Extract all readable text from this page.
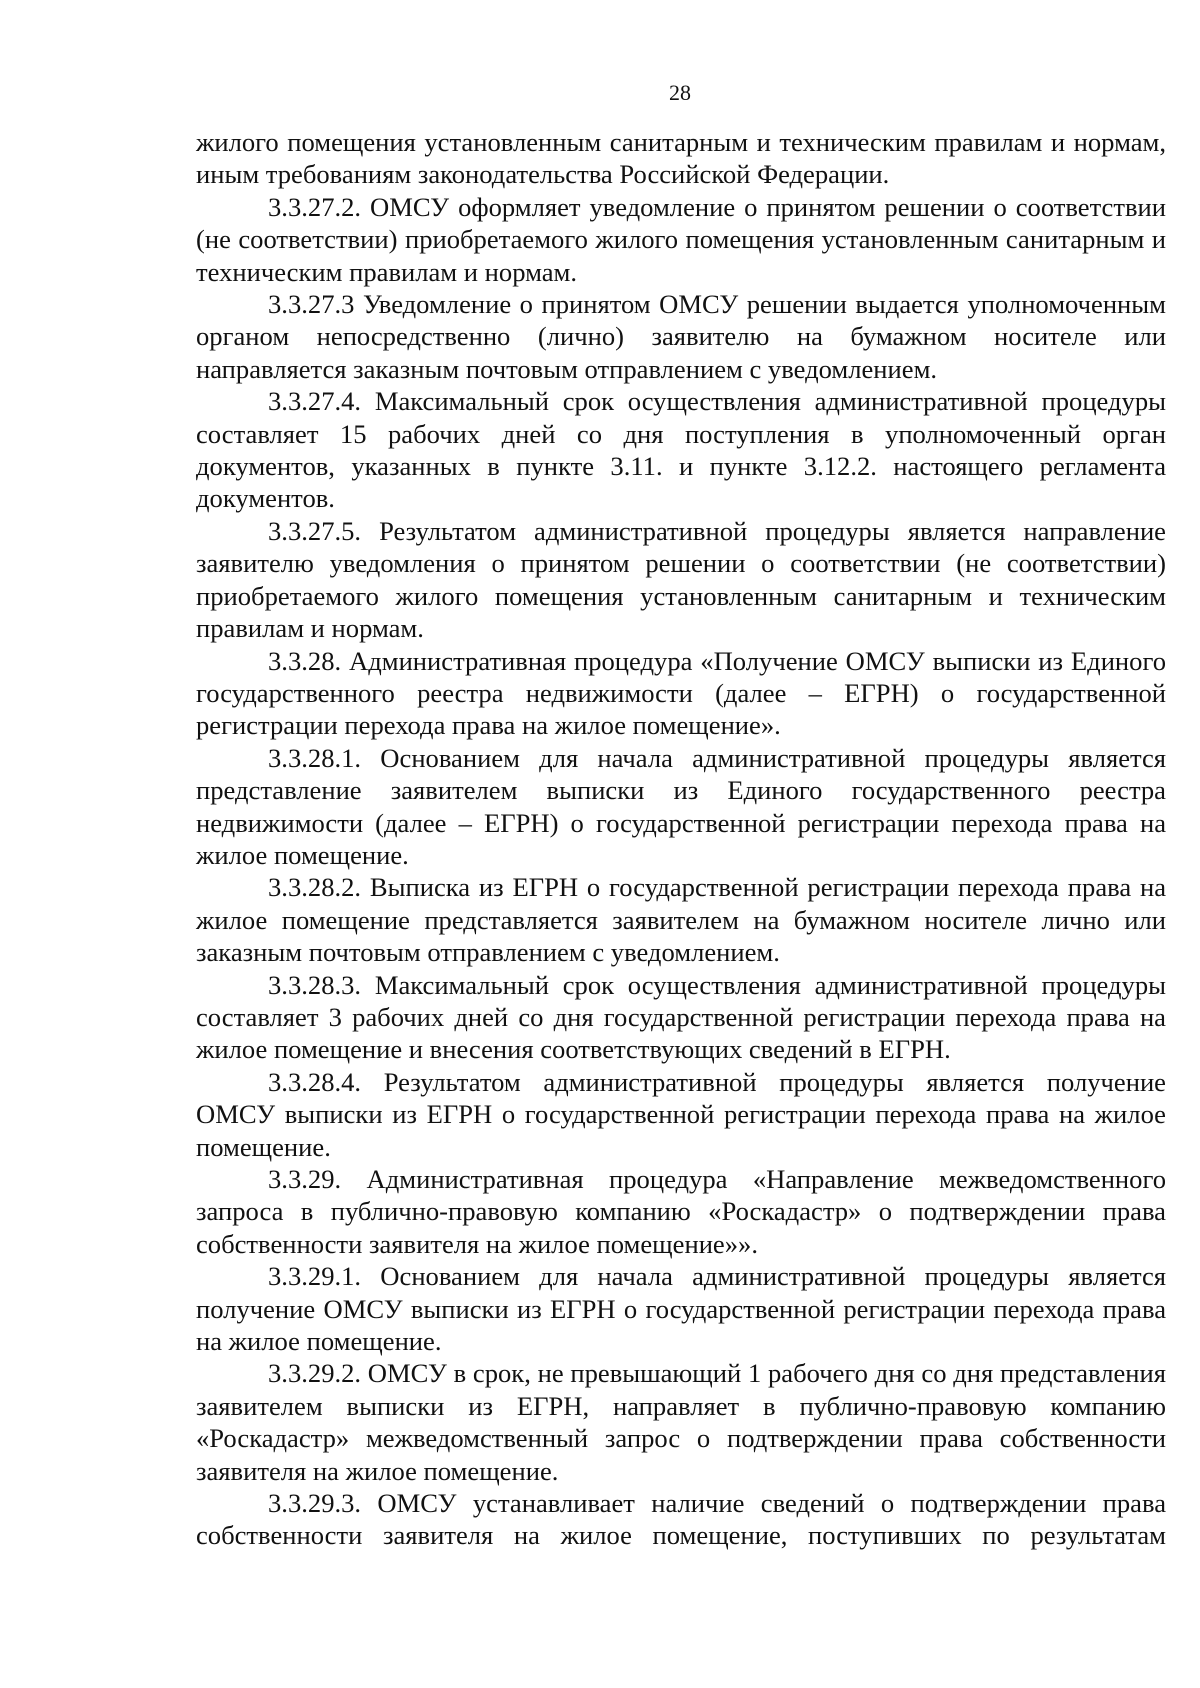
28

жилого помещения установленным санитарным и техническим правилам и нормам, иным требованиям законодательства Российской Федерации.

3.3.27.2. ОМСУ оформляет уведомление о принятом решении о соответствии (не соответствии) приобретаемого жилого помещения установленным санитарным и техническим правилам и нормам.

3.3.27.3 Уведомление о принятом ОМСУ решении выдается уполномоченным органом непосредственно (лично) заявителю на бумажном носителе или направляется заказным почтовым отправлением с уведомлением.

3.3.27.4. Максимальный срок осуществления административной процедуры составляет 15 рабочих дней со дня поступления в уполномоченный орган документов, указанных в пункте 3.11. и пункте 3.12.2. настоящего регламента документов.

3.3.27.5. Результатом административной процедуры является направление заявителю уведомления о принятом решении о соответствии (не соответствии) приобретаемого жилого помещения установленным санитарным и техническим правилам и нормам.

3.3.28. Административная процедура «Получение ОМСУ выписки из Единого государственного реестра недвижимости (далее – ЕГРН) о государственной регистрации перехода права на жилое помещение».

3.3.28.1. Основанием для начала административной процедуры является представление заявителем выписки из Единого государственного реестра недвижимости (далее – ЕГРН) о государственной регистрации перехода права на жилое помещение.

3.3.28.2. Выписка из ЕГРН о государственной регистрации перехода права на жилое помещение представляется заявителем на бумажном носителе лично или заказным почтовым отправлением с уведомлением.

3.3.28.3. Максимальный срок осуществления административной процедуры составляет 3 рабочих дней со дня государственной регистрации перехода права на жилое помещение и внесения соответствующих сведений в ЕГРН.

3.3.28.4. Результатом административной процедуры является получение ОМСУ выписки из ЕГРН о государственной регистрации перехода права на жилое помещение.

3.3.29. Административная процедура «Направление межведомственного запроса в публично-правовую компанию «Роскадастр» о подтверждении права собственности заявителя на жилое помещение»».

3.3.29.1. Основанием для начала административной процедуры является получение ОМСУ выписки из ЕГРН о государственной регистрации перехода права на жилое помещение.

3.3.29.2. ОМСУ в срок, не превышающий 1 рабочего дня со дня представления заявителем выписки из ЕГРН, направляет в публично-правовую компанию «Роскадастр» межведомственный запрос о подтверждении права собственности заявителя на жилое помещение.

3.3.29.3. ОМСУ устанавливает наличие сведений о подтверждении права собственности заявителя на жилое помещение, поступивших по результатам
